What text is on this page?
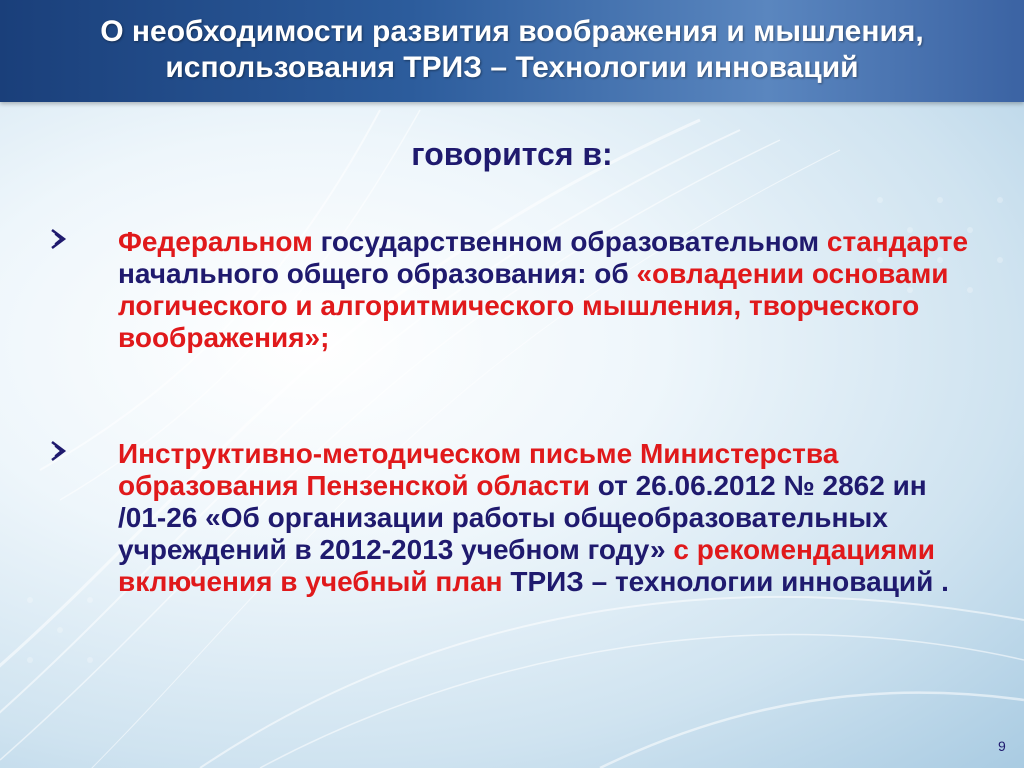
О необходимости развития воображения и мышления,
использования ТРИЗ – Технологии инноваций
говорится в:
Федеральном государственном образовательном стандарте начального общего образования: об «овладении основами логического и алгоритмического мышления, творческого воображения»;
Инструктивно-методическом письме Министерства образования Пензенской области от 26.06.2012 № 2862 ин /01-26 «Об организации работы общеобразовательных учреждений в 2012-2013 учебном году» с рекомендациями включения в учебный план ТРИЗ – технологии инноваций .
9
